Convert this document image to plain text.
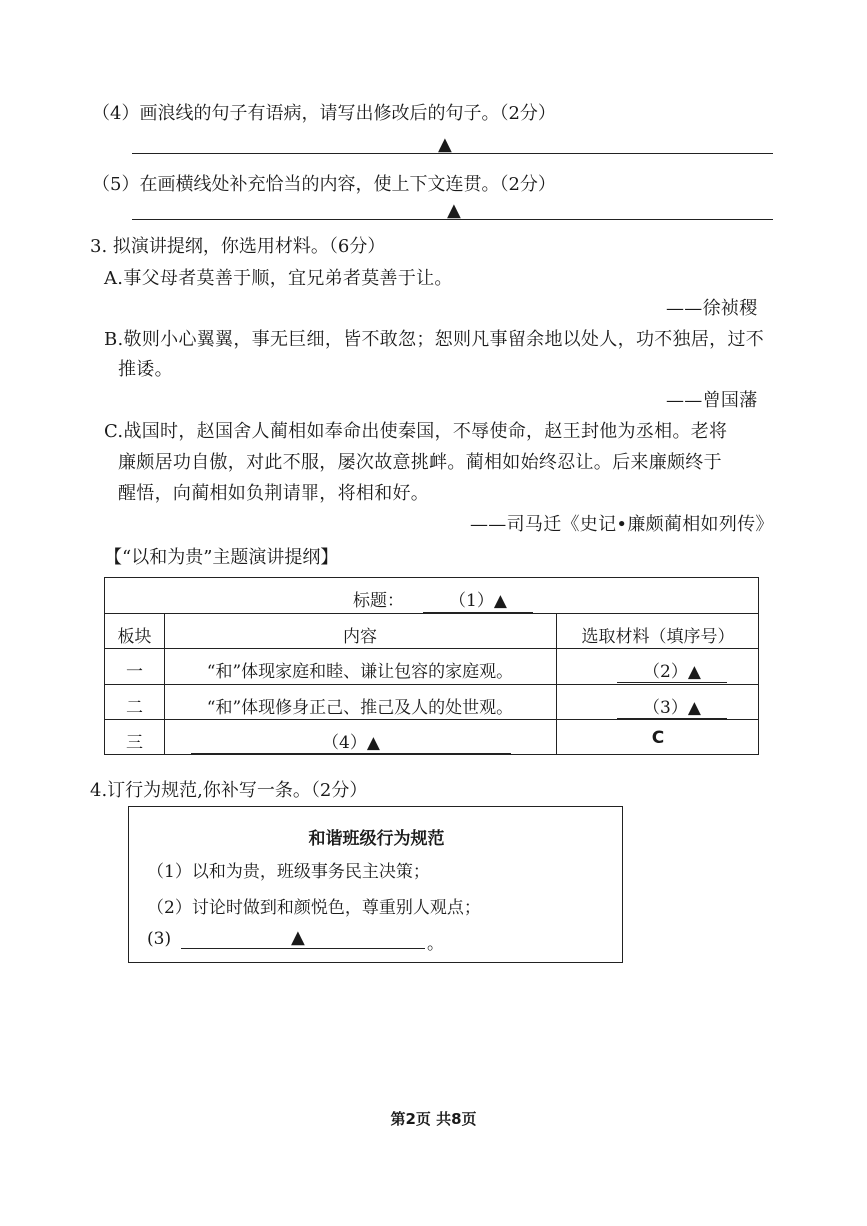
（4）画浪线的句子有语病，请写出修改后的句子。（2分）
▲
（5）在画横线处补充恰当的内容，使上下文连贯。（2分）
▲
3. 拟演讲提纲，你选用材料。（6分）
A.事父母者莫善于顺，宜兄弟者莫善于让。
——徐祯稷
B.敬则小心翼翼，事无巨细，皆不敢忽；恕则凡事留余地以处人，功不独居，过不
推诿。
——曾国藩
C.战国时，赵国舍人蔺相如奉命出使秦国，不辱使命，赵王封他为丞相。老将
廉颇居功自傲，对此不服，屡次故意挑衅。蔺相如始终忍让。后来廉颇终于
醒悟，向蔺相如负荆请罪，将相和好。
——司马迁《史记•廉颇蔺相如列传》
【“以和为贵”主题演讲提纲】
标题：	（1）▲
板块	内容	选取材料（填序号）
一	“和”体现家庭和睦、谦让包容的家庭观。	（2）▲
二	“和”体现修身正己、推己及人的处世观。	（3）▲
三	（4）▲	C
4.订行为规范,你补写一条。（2分）
和谐班级行为规范
（1）以和为贵，班级事务民主决策；
（2）讨论时做到和颜悦色，尊重别人观点；
(3)	▲	。
第2页 共8页
